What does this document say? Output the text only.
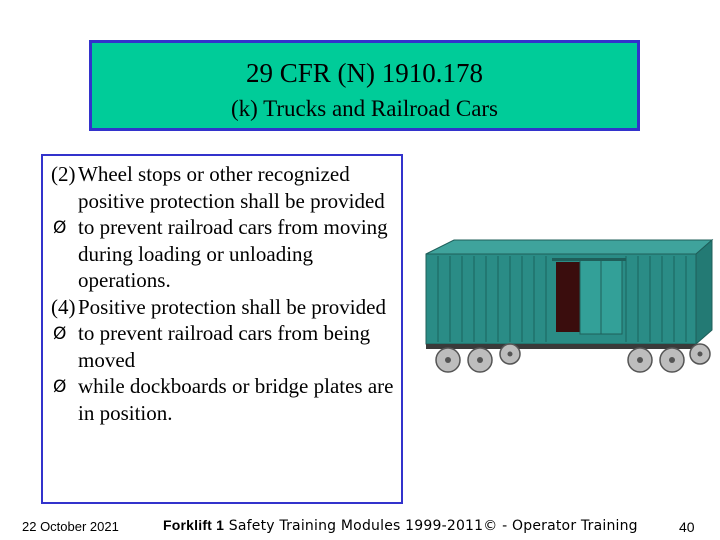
29 CFR (N) 1910.178
(k) Trucks and Railroad Cars
(2) Wheel stops or other recognized positive protection shall be provided
Ø to prevent railroad cars from moving during loading or unloading operations.
(4) Positive protection shall be provided
Ø to prevent railroad cars from being moved
Ø while dockboards or bridge plates are in position.
22 October 2021	Forklift 1 Safety Training Modules 1999-2011© - Operator Training	40
